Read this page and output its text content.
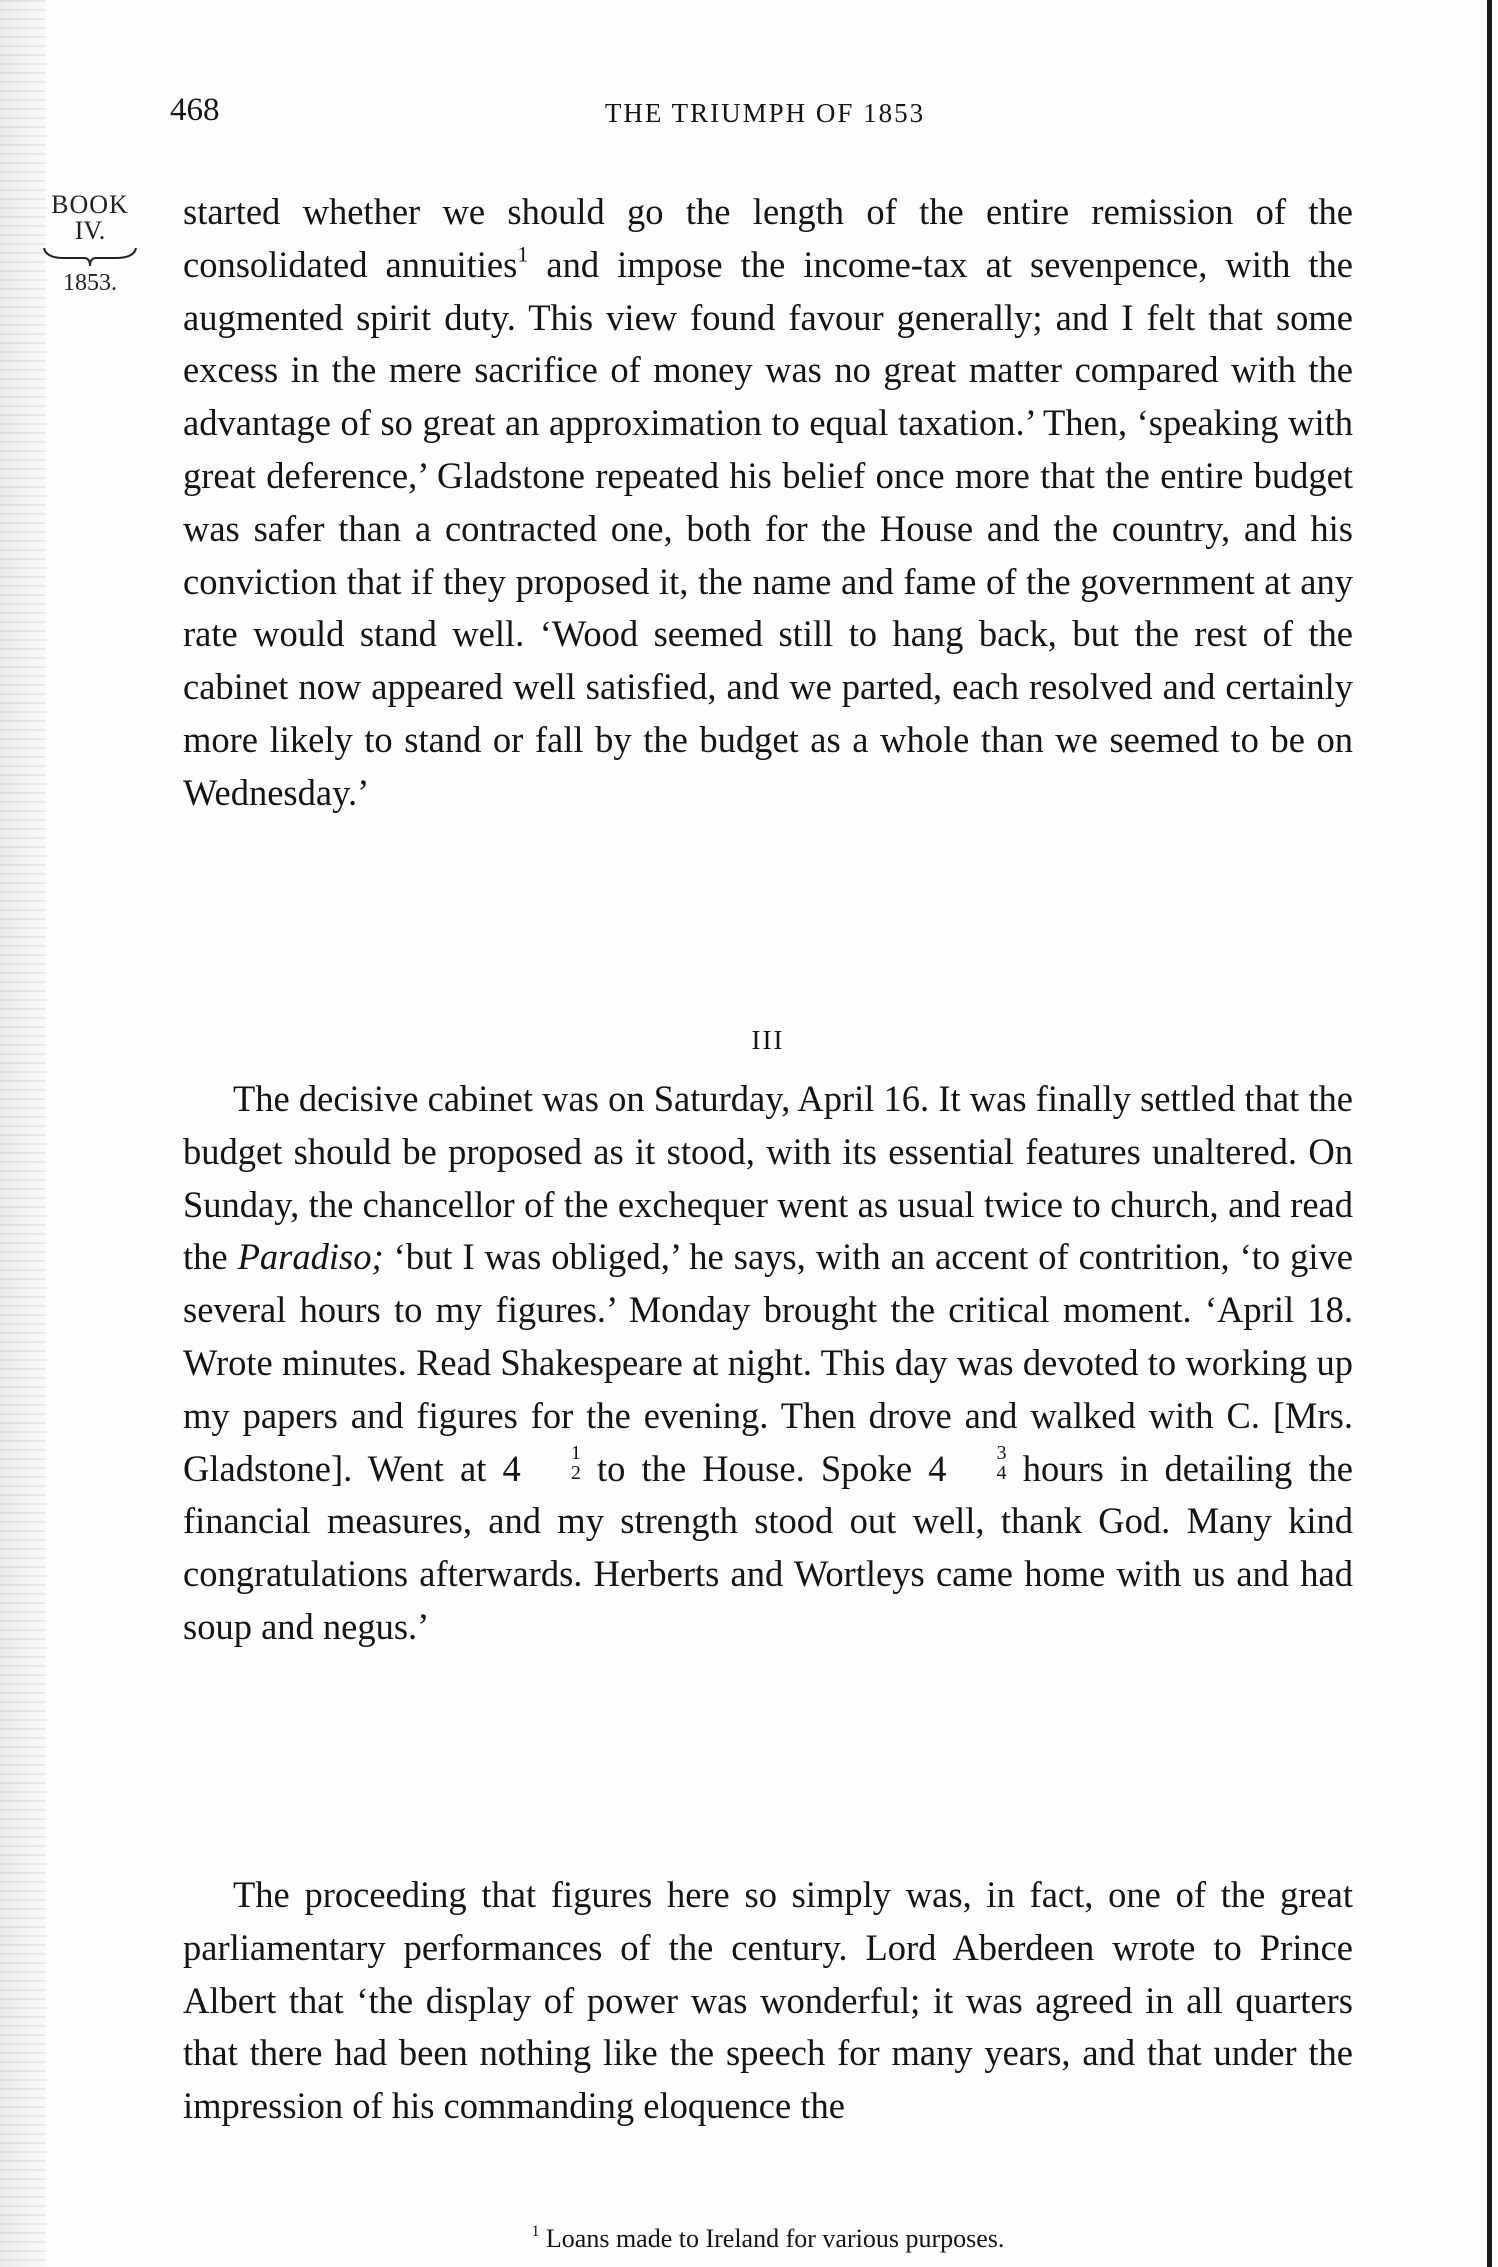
468	THE TRIUMPH OF 1853
BOOK
IV.
1853.

started whether we should go the length of the entire remission of the consolidated annuities$^1$ and impose the income-tax at sevenpence, with the augmented spirit duty. This view found favour generally; and I felt that some excess in the mere sacrifice of money was no great matter compared with the advantage of so great an approximation to equal taxation.’ Then, ‘speaking with great deference,’ Gladstone repeated his belief once more that the entire budget was safer than a contracted one, both for the House and the country, and his conviction that if they proposed it, the name and fame of the government at any rate would stand well. ‘Wood seemed still to hang back, but the rest of the cabinet now appeared well satisfied, and we parted, each resolved and certainly more likely to stand or fall by the budget as a whole than we seemed to be on Wednesday.’

III

The decisive cabinet was on Saturday, April 16. It was finally settled that the budget should be proposed as it stood, with its essential features unaltered. On Sunday, the chancellor of the exchequer went as usual twice to church, and read the Paradiso; ‘but I was obliged,’ he says, with an accent of contrition, ‘to give several hours to my figures.’ Monday brought the critical moment. ‘April 18. Wrote minutes. Read Shakespeare at night. This day was devoted to working up my papers and figures for the evening. Then drove and walked with C. [Mrs. Gladstone]. Went at 4	1
2 to the House. Spoke 4	3
4 hours in detailing the financial measures, and my strength stood out well, thank God. Many kind congratulations afterwards. Herberts and Wortleys came home with us and had soup and negus.’

The proceeding that figures here so simply was, in fact, one of the great parliamentary performances of the century. Lord Aberdeen wrote to Prince Albert that ‘the display of power was wonderful; it was agreed in all quarters that there had been nothing like the speech for many years, and that under the impression of his commanding eloquence the

$^1$ Loans made to Ireland for various purposes.
